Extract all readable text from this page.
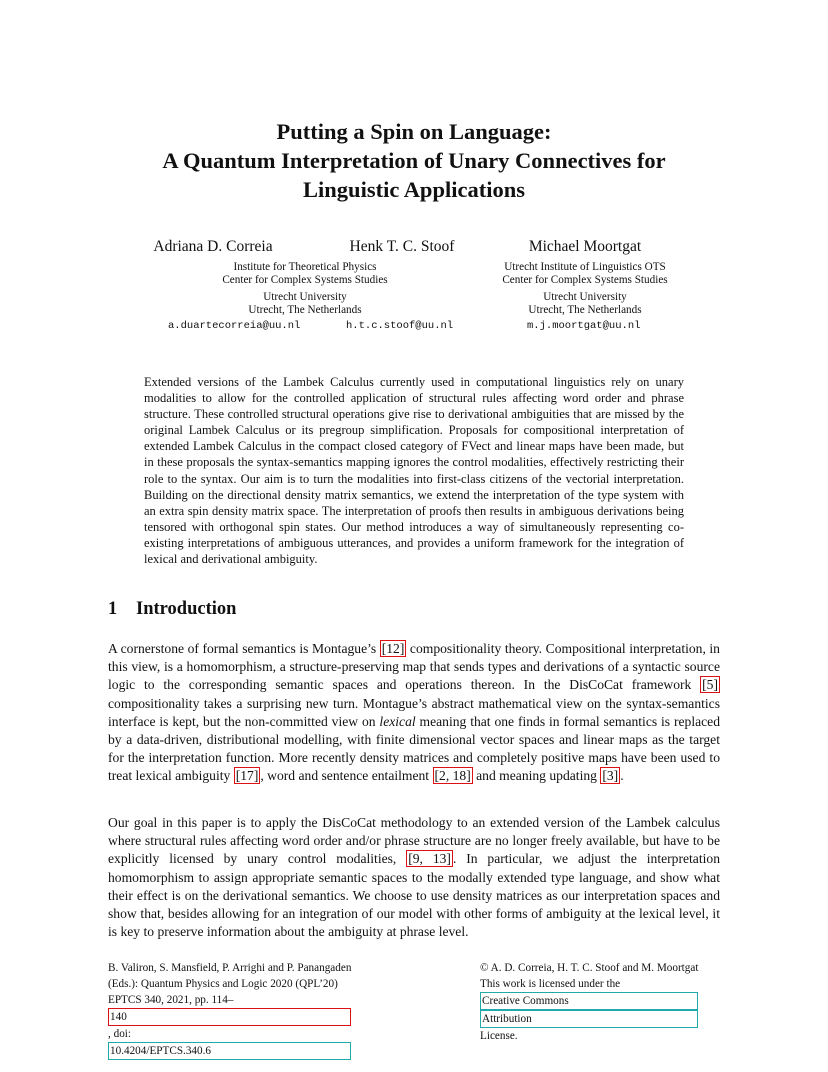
Putting a Spin on Language:
A Quantum Interpretation of Unary Connectives for
Linguistic Applications

Adriana D. Correia	Henk T. C. Stoof	Michael Moortgat

Institute for Theoretical Physics
Center for Complex Systems Studies
Utrecht University
Utrecht, The Netherlands
Utrecht Institute of Linguistics OTS
Center for Complex Systems Studies
Utrecht University
Utrecht, The Netherlands
a.duartecorreia@uu.nl	h.t.c.stoof@uu.nl	m.j.moortgat@uu.nl

Extended versions of the Lambek Calculus currently used in computational linguistics rely on unary modalities to allow for the controlled application of structural rules affecting word order and phrase structure. These controlled structural operations give rise to derivational ambiguities that are missed by the original Lambek Calculus or its pregroup simplification. Proposals for compositional interpretation of extended Lambek Calculus in the compact closed category of FVect and linear maps have been made, but in these proposals the syntax-semantics mapping ignores the control modalities, effectively restricting their role to the syntax. Our aim is to turn the modalities into first-class citizens of the vectorial interpretation. Building on the directional density matrix semantics, we extend the interpretation of the type system with an extra spin density matrix space. The interpretation of proofs then results in ambiguous derivations being tensored with orthogonal spin states. Our method introduces a way of simultaneously representing co-existing interpretations of ambiguous utterances, and provides a uniform framework for the integration of lexical and derivational ambiguity.

1 Introduction

A cornerstone of formal semantics is Montague’s [12] compositionality theory. Compositional interpretation, in this view, is a homomorphism, a structure-preserving map that sends types and derivations of a syntactic source logic to the corresponding semantic spaces and operations thereon. In the DisCoCat framework [5] compositionality takes a surprising new turn. Montague’s abstract mathematical view on the syntax-semantics interface is kept, but the non-committed view on lexical meaning that one finds in formal semantics is replaced by a data-driven, distributional modelling, with finite dimensional vector spaces and linear maps as the target for the interpretation function. More recently density matrices and completely positive maps have been used to treat lexical ambiguity [17] , word and sentence entailment [2, 18] and meaning updating [3] .

Our goal in this paper is to apply the DisCoCat methodology to an extended version of the Lambek calculus where structural rules affecting word order and/or phrase structure are no longer freely available, but have to be explicitly licensed by unary control modalities, [9, 13] . In particular, we adjust the interpretation homomorphism to assign appropriate semantic spaces to the modally extended type language, and show what their effect is on the derivational semantics. We choose to use density matrices as our interpretation spaces and show that, besides allowing for an integration of our model with other forms of ambiguity at the lexical level, it is key to preserve information about the ambiguity at phrase level.

B. Valiron, S. Mansfield, P. Arrighi and P. Panangaden
(Eds.): Quantum Physics and Logic 2020 (QPL’20)
EPTCS 340, 2021, pp. 114–
140
, doi:
10.4204/EPTCS.340.6
© A. D. Correia, H. T. C. Stoof and M. Moortgat
This work is licensed under the
Creative Commons
Attribution
License.
